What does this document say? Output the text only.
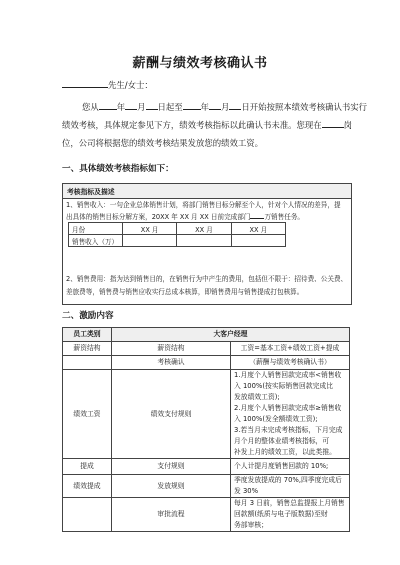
薪酬与绩效考核确认书
先生/女士：
您从 年 月 日起至 年 月 日开始按照本绩效考核确认书实行
绩效考核，具体规定参见下方，绩效考核指标以此确认书未准。您现在	岗
位，公司将根据您的绩效考核结果发放您的绩效工资。
一、具体绩效考核指标如下：
考核指标及描述
1、销售收入：一句企业总体销售计划，将部门销售目标分解至个人，针对个人情况的差异，提
出具体的销售目标分解方案，20XX 年 XX 月 XX 日前完成部门 万销售任务。
月份	XX 月	XX 月	XX 月
销售收入（万）			
2、销售费用：指为达到销售目的，在销售行为中产生的费用，包括但不限于：招待费、公关费、
差旅费等，销售费与销售应收实行总成本核算，即销售费用与销售提成打包核算。
二、激励内容
员工类别	大客户经理	
薪资结构	薪资结构	工资=基本工资+绩效工资+提成
	考核确认	（薪酬与绩效考核确认书）
绩效工资	绩效支付规则	1.月度个人销售回款完成率<销售收入 100%(按实际销售回款完成比
发放绩效工资);
2.月度个人销售回款完成率≥销售收入 100%(发全额绩效工资);
3.若当月未完成考核指标，下月完成月个月的整体业绩考核指标，可
补发上月的绩效工资，以此类推。

提成	支付规则	个人计提月度销售回款的 10%;
绩效提成	发放规则	季度发放提成的 70%,四季度完成后发 30%
	审批流程	每月 3 日前，销售总监提报上月销售回款额(纸质与电子版数据)至财
务部审核；
